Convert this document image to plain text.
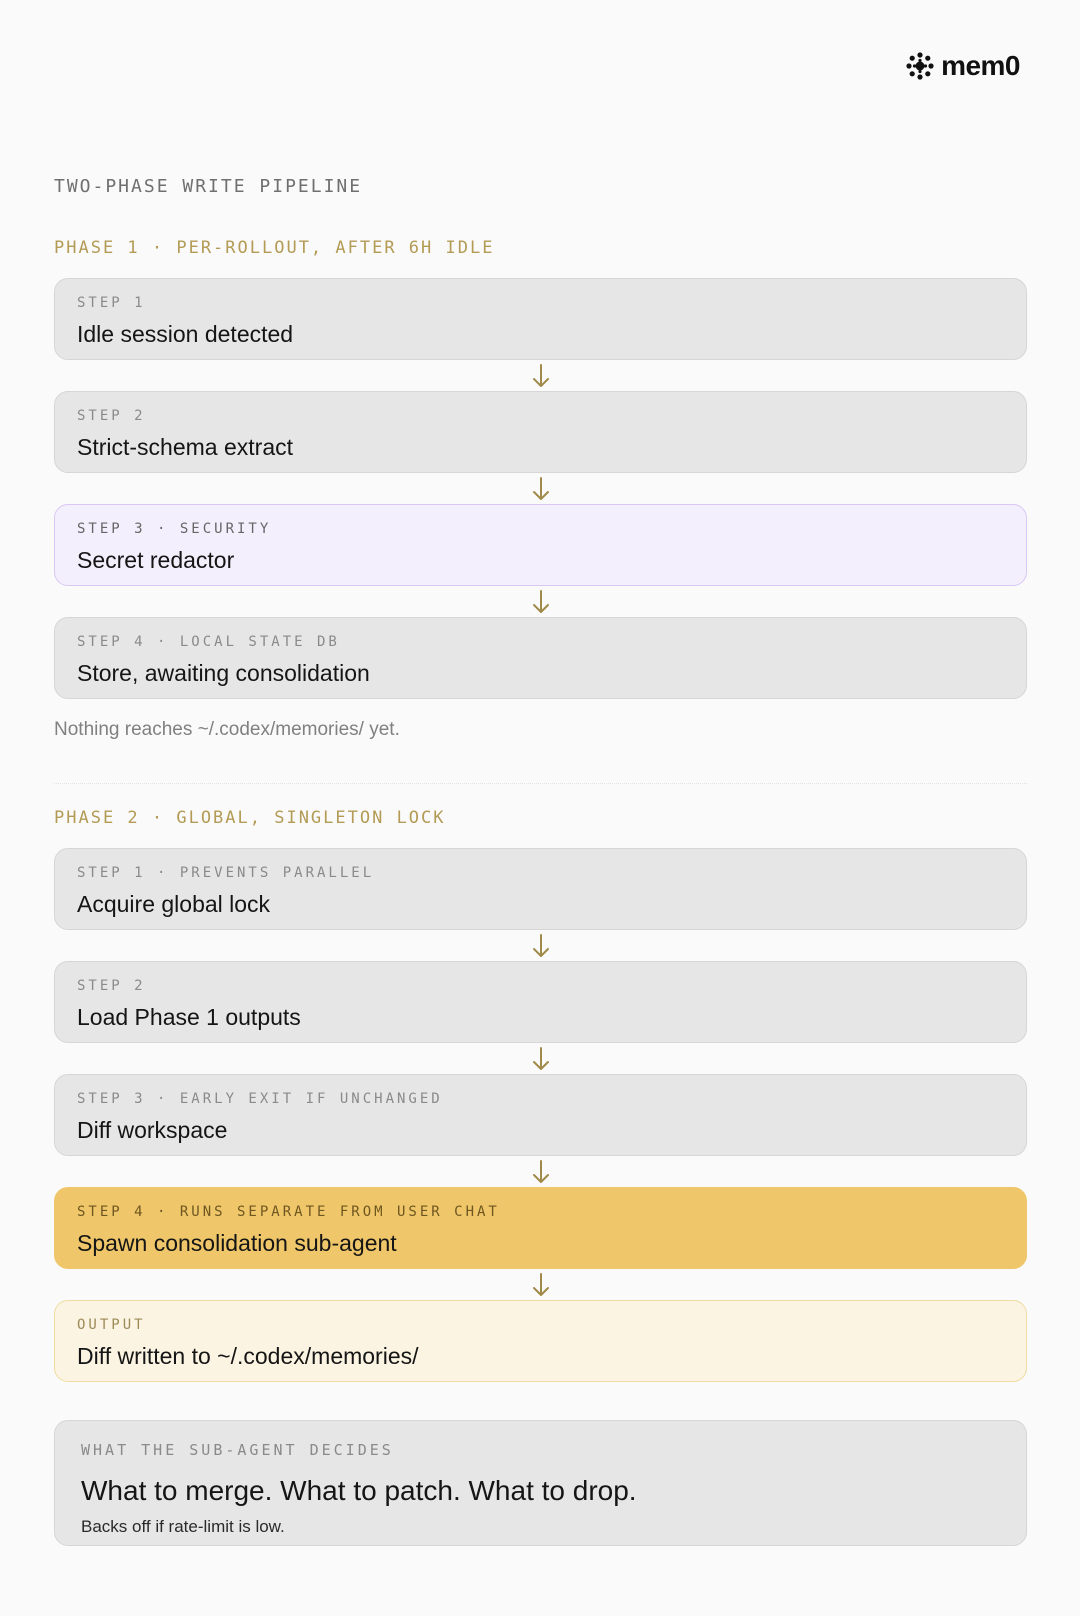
mem0
TWO-PHASE WRITE PIPELINE
PHASE 1 · PER-ROLLOUT, AFTER 6H IDLE
STEP 1
Idle session detected
STEP 2
Strict-schema extract
STEP 3 · SECURITY
Secret redactor
STEP 4 · LOCAL STATE DB
Store, awaiting consolidation
Nothing reaches ~/.codex/memories/ yet.
PHASE 2 · GLOBAL, SINGLETON LOCK
STEP 1 · PREVENTS PARALLEL
Acquire global lock
STEP 2
Load Phase 1 outputs
STEP 3 · EARLY EXIT IF UNCHANGED
Diff workspace
STEP 4 · RUNS SEPARATE FROM USER CHAT
Spawn consolidation sub-agent
OUTPUT
Diff written to ~/.codex/memories/
WHAT THE SUB-AGENT DECIDES
What to merge. What to patch. What to drop.
Backs off if rate-limit is low.
